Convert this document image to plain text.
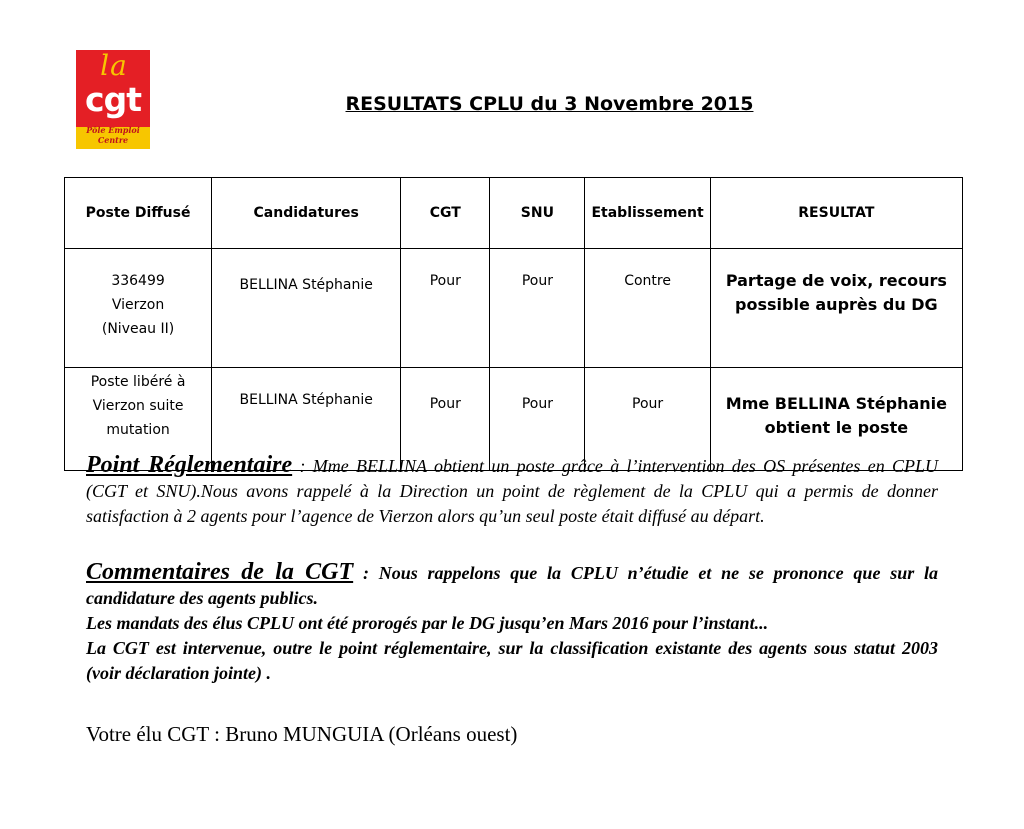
la
cgt
Pôle Emploi
Centre
RESULTATS CPLU du 3 Novembre 2015
Poste Diffusé	Candidatures	CGT	SNU	Etablissement	RESULTAT

336499
Vierzon
(Niveau II)	BELLINA Stéphanie	Pour	Pour	Contre	Partage de voix, recours
possible auprès du DG

Poste libéré à
Vierzon suite
mutation	BELLINA Stéphanie	Pour	Pour	Pour	Mme BELLINA Stéphanie
obtient le poste
Point Réglementaire : Mme BELLINA obtient un poste grâce à l’intervention des OS présentes en CPLU (CGT et SNU).Nous avons rappelé à la Direction un point de règlement de la CPLU qui a permis de donner satisfaction à 2 agents pour l’agence de Vierzon alors qu’un seul poste était diffusé au départ.
Commentaires de la CGT : Nous rappelons que la CPLU n’étudie et ne se prononce que sur la candidature des agents publics.
Les mandats des élus CPLU ont été prorogés par le DG jusqu’en Mars 2016 pour l’instant...
La CGT est intervenue, outre le point réglementaire, sur la classification existante des agents sous statut 2003 (voir déclaration jointe) .
Votre élu CGT : Bruno MUNGUIA (Orléans ouest)
